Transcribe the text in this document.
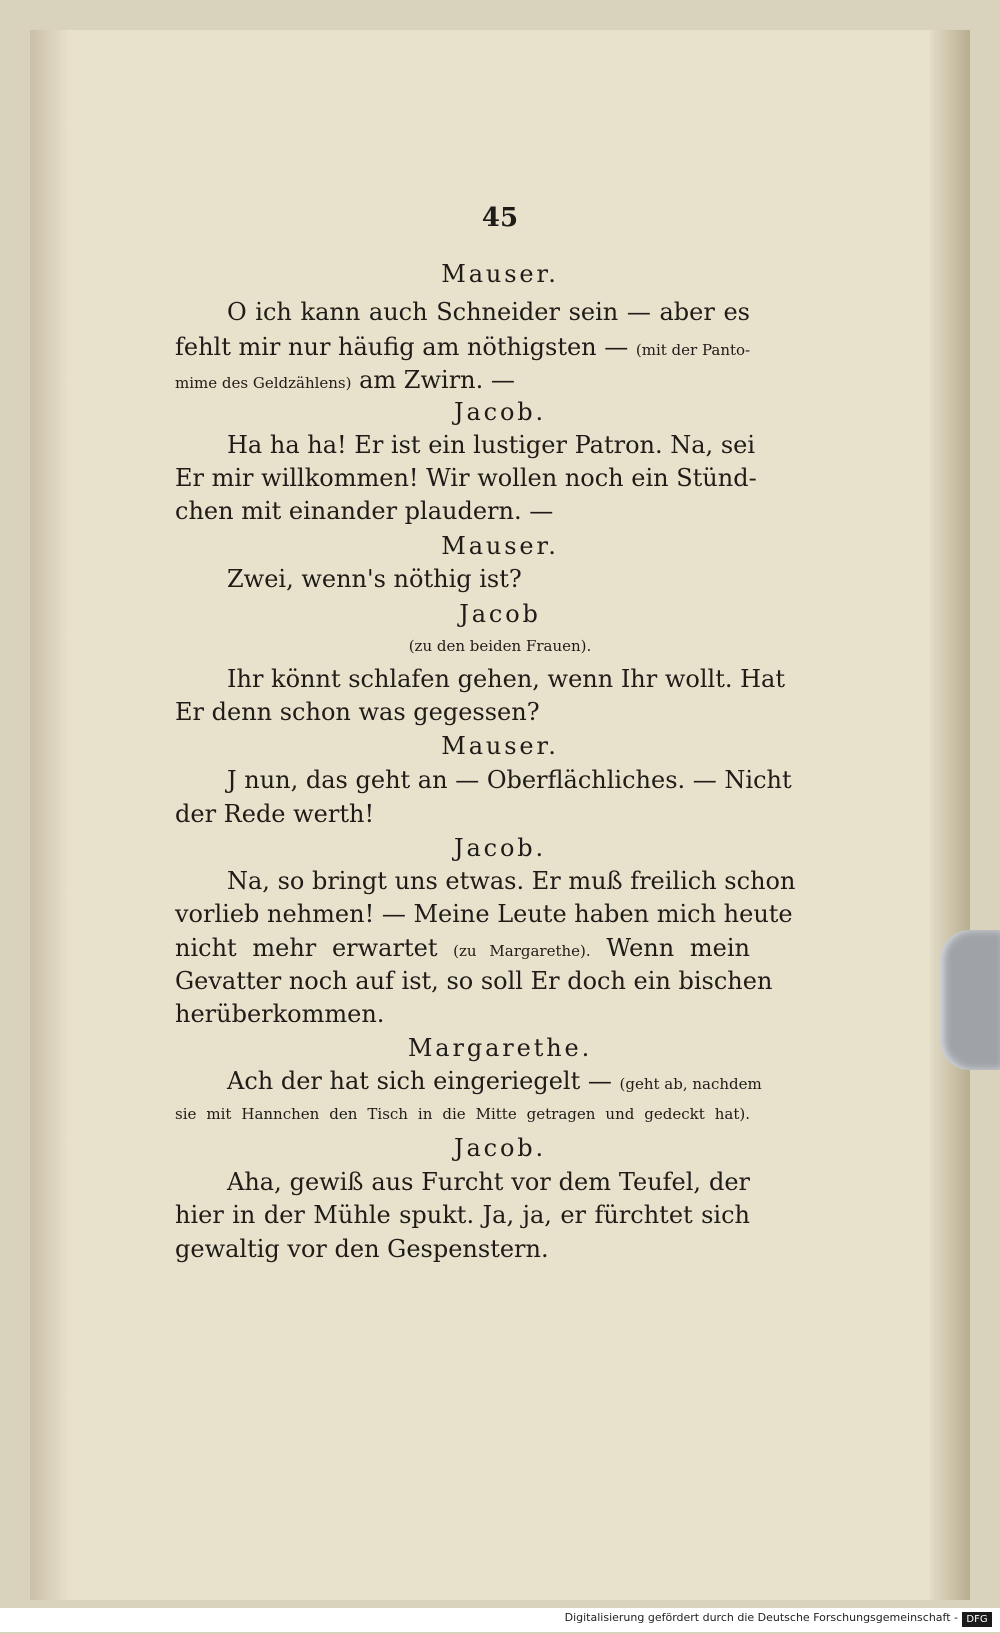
45
Mauser.
O ich kann auch Schneider sein — aber es
fehlt mir nur häufig am nöthigsten — (mit der Panto-
mime des Geldzählens) am Zwirn. —
Jacob.
Ha ha ha! Er ist ein lustiger Patron. Na, sei
Er mir willkommen! Wir wollen noch ein Stünd-
chen mit einander plaudern. —
Mauser.
Zwei, wenn's nöthig ist?
Jacob
(zu den beiden Frauen).
Ihr könnt schlafen gehen, wenn Ihr wollt. Hat
Er denn schon was gegessen?
Mauser.
J nun, das geht an — Oberflächliches. — Nicht
der Rede werth!
Jacob.
Na, so bringt uns etwas. Er muß freilich schon
vorlieb nehmen! — Meine Leute haben mich heute
nicht mehr erwartet (zu Margarethe). Wenn mein
Gevatter noch auf ist, so soll Er doch ein bischen
herüberkommen.
Margarethe.
Ach der hat sich eingeriegelt — (geht ab, nachdem
sie mit Hannchen den Tisch in die Mitte getragen und gedeckt hat).
Jacob.
Aha, gewiß aus Furcht vor dem Teufel, der
hier in der Mühle spukt. Ja, ja, er fürchtet sich
gewaltig vor den Gespenstern.
Digitalisierung gefördert durch die Deutsche Forschungsgemeinschaft - DFG
